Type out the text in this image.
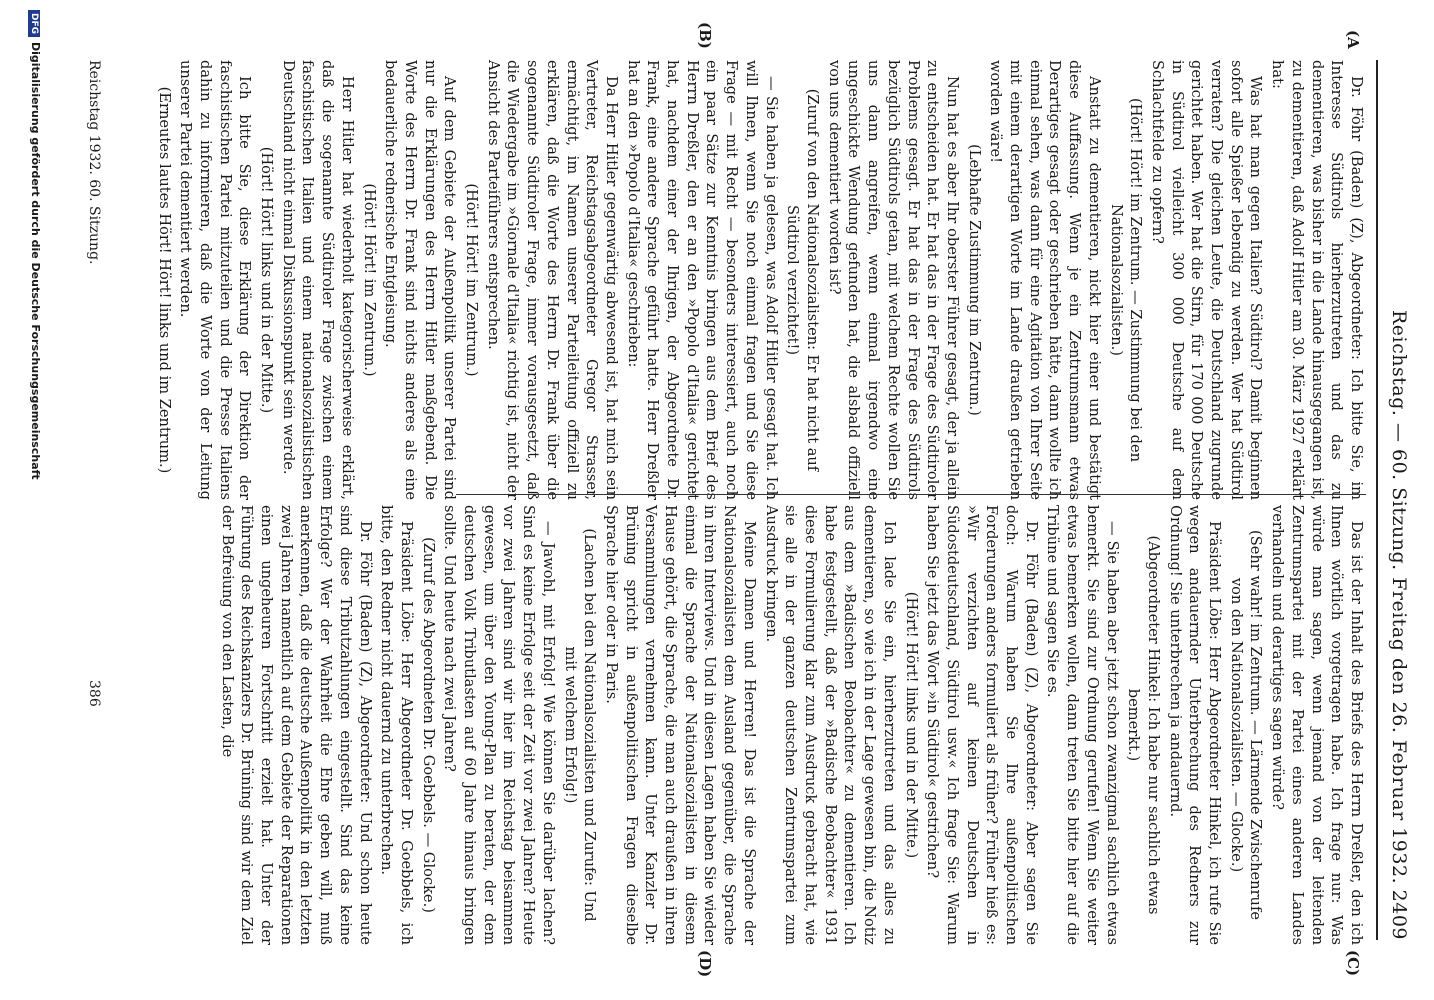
Reichstag. — 60. Sitzung. Freitag den 26. Februar 1932.
2409
(A
(B)
(C)
(D)

Dr. Föhr (Baden) (Z), Abgeordneter: Ich bitte Sie, im Interesse Südtirols hierherzutreten und das zu dementieren, was bisher in die Lande hinausgegangen ist, zu dementieren, daß Adolf Hitler am 30. März 1927 erklärt hat:

Was hat man gegen Italien? Südtirol? Damit beginnen sofort alle Spießer lebendig zu werden. Wer hat Südtirol verraten? Die gleichen Leute, die Deutschland zugrunde gerichtet haben. Wer hat die Stirn, für 170 000 Deutsche in Südtirol vielleicht 300 000 Deutsche auf dem Schlachtfelde zu opfern?

(Hört! Hört! im Zentrum. — Zustimmung bei den Nationalsozialisten.)

Anstatt zu dementieren, nickt hier einer und bestätigt diese Auffassung. Wenn je ein Zentrumsmann etwas Derartiges gesagt oder geschrieben hätte, dann wollte ich einmal sehen, was dann für eine Agitation von Ihrer Seite mit einem derartigen Worte im Lande draußen getrieben worden wäre!

(Lebhafte Zustimmung im Zentrum.)

Nun hat es aber Ihr oberster Führer gesagt, der ja allein zu entscheiden hat. Er hat das in der Frage des Südtiroler Problems gesagt. Er hat das in der Frage des Südtirols bezüglich Südtirols getan, mit welchem Rechte wollen Sie uns dann angreifen, wenn einmal irgendwo eine ungeschickte Wendung gefunden hat, die alsbald offiziell von uns dementiert worden ist?

(Zuruf von den Nationalsozialisten: Er hat nicht auf Südtirol verzichtet!)

— Sie haben ja gelesen, was Adolf Hitler gesagt hat. Ich will Ihnen, wenn Sie noch einmal fragen und Sie diese Frage — mit Recht — besonders interessiert, auch noch ein paar Sätze zur Kenntnis bringen aus dem Brief des Herrn Dreßler, den er an den »Popolo d'Italia« gerichtet hat, nachdem einer der Ihrigen, der Abgeordnete Dr. Frank, eine andere Sprache geführt hatte. Herr Dreßler hat an den »Popolo d'Italia« geschrieben:

Da Herr Hitler gegenwärtig abwesend ist, hat mich sein Vertreter, Reichstagsabgeordneter Gregor Strasser, ermächtigt, im Namen unserer Parteileitung offiziell zu erklären, daß die Worte des Herrn Dr. Frank über die sogenannte Südtiroler Frage, immer vorausgesetzt, daß die Wiedergabe im »Giornale d'Italia« richtig ist, nicht der Ansicht des Parteiführers entsprechen.

(Hört! Hört! im Zentrum.)

Auf dem Gebiete der Außenpolitik unserer Partei sind nur die Erklärungen des Herrn Hitler maßgebend. Die Worte des Herrn Dr. Frank sind nichts anderes als eine bedauerliche rednerische Entgleisung.

(Hört! Hört! im Zentrum.)

Herr Hitler hat wiederholt kategorischerweise erklärt, daß die sogenannte Südtiroler Frage zwischen einem faschistischen Italien und einem nationalsozialistischen Deutschland nicht einmal Diskussionspunkt sein werde.

(Hört! Hört! links und in der Mitte.)

Ich bitte Sie, diese Erklärung der Direktion der faschistischen Partei mitzuteilen und die Presse Italiens dahin zu informieren, daß die Worte von der Leitung unserer Partei dementiert werden.

(Erneutes lautes Hört! Hört! links und im Zentrum.)

Das ist der Inhalt des Briefs des Herrn Dreßler, den ich Ihnen wörtlich vorgetragen habe. Ich frage nur: Was würde man sagen, wenn jemand von der leitenden Zentrumspartei mit der Partei eines anderen Landes verhandeln und derartiges sagen würde?

(Sehr wahr! im Zentrum. — Lärmende Zwischenrufe von den Nationalsozialisten. — Glocke.)

Präsident Löbe: Herr Abgeordneter Hinkel, ich rufe Sie wegen andauernder Unterbrechung des Redners zur Ordnung! Sie unterbrechen ja andauernd.

(Abgeordneter Hinkel: Ich habe nur sachlich etwas bemerkt.)

— Sie haben aber jetzt schon zwanzigmal sachlich etwas bemerkt. Sie sind zur Ordnung gerufen! Wenn Sie weiter etwas bemerken wollen, dann treten Sie bitte hier auf die Tribüne und sagen Sie es.

Dr. Föhr (Baden) (Z), Abgeordneter: Aber sagen Sie doch: Warum haben Sie Ihre außenpolitischen Forderungen anders formuliert als früher? Früher hieß es: »Wir verzichten auf keinen Deutschen in Südostdeutschland, Südtirol usw.« Ich frage Sie: Warum haben Sie jetzt das Wort »in Südtirol« gestrichen?

(Hört! Hört! links und in der Mitte.)

Ich lade Sie ein, hierherzutreten und das alles zu dementieren, so wie ich in der Lage gewesen bin, die Notiz aus dem »Badischen Beobachter« zu dementieren. Ich habe festgestellt, daß der »Badische Beobachter« 1931 diese Formulierung klar zum Ausdruck gebracht hat, wie sie alle in der ganzen deutschen Zentrumspartei zum Ausdruck bringen.

Meine Damen und Herren! Das ist die Sprache der Nationalsozialisten dem Ausland gegenüber, die Sprache in ihren Interviews. Und in diesen Lagen haben Sie wieder einmal die Sprache der Nationalsozialisten in diesem Hause gehört, die Sprache, die man auch draußen in ihren Versammlungen vernehmen kann. Unter Kanzler Dr. Brüning spricht in außenpolitischen Fragen dieselbe Sprache hier oder in Paris.

(Lachen bei den Nationalsozialisten und Zurufe: Und mit welchem Erfolg!)

— Jawohl, mit Erfolg! Wie können Sie darüber lachen? Sind es keine Erfolge seit der Zeit vor zwei Jahren? Heute vor zwei Jahren sind wir hier im Reichstag beisammen gewesen, um über den Young-Plan zu beraten, der dem deutschen Volk Tributlasten auf 60 Jahre hinaus bringen sollte. Und heute nach zwei Jahren?

(Zuruf des Abgeordneten Dr. Goebbels. — Glocke.)

Präsident Löbe: Herr Abgeordneter Dr. Goebbels, ich bitte, den Redner nicht dauernd zu unterbrechen.

Dr. Föhr (Baden) (Z), Abgeordneter: Und schon heute sind diese Tributzahlungen eingestellt. Sind das keine Erfolge? Wer der Wahrheit die Ehre geben will, muß anerkennen, daß die deutsche Außenpolitik in den letzten zwei Jahren namentlich auf dem Gebiete der Reparationen einen ungeheuren Fortschritt erzielt hat. Unter der Führung des Reichskanzlers Dr. Brüning sind wir dem Ziel der Befreiung von den Lasten, die

Reichstag 1932. 60. Sitzung.
386
DFGDigitalisierung gefördert durch die Deutsche Forschungsgemeinschaft
